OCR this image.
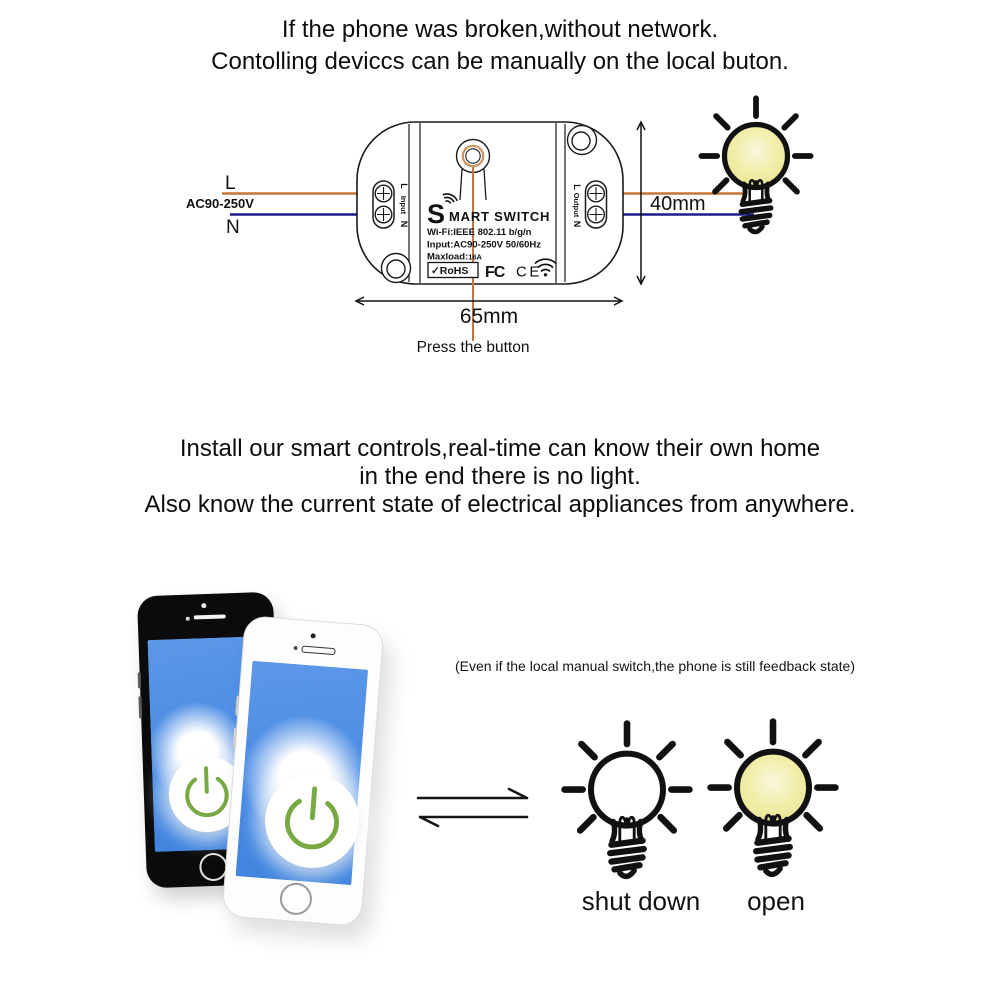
If the phone was broken,without network.
Contolling deviccs can be manually on the local buton.
L
Input
N
L
Output
N
S MART SWITCH
Wi-Fi:IEEE 802.11 b/g/n
Input:AC90-250V 50/60Hz
Maxload:16A
✓RoHS FC CE
L
AC90-250V
N
40mm
65mm
Press the button
Install our smart controls,real-time can know their own home
in the end there is no light.
Also know the current state of electrical appliances from anywhere.
(Even if the local manual switch,the phone is still feedback state)
shut down	open
